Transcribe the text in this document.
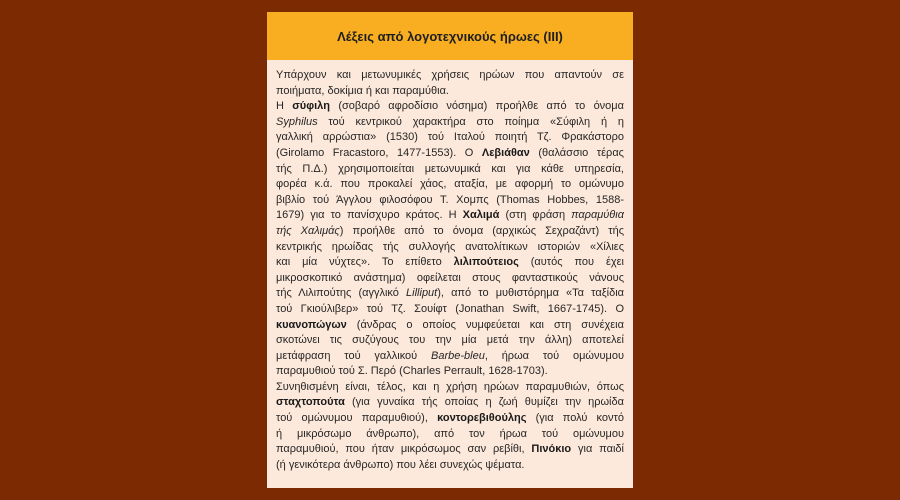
Λέξεις από λογοτεχνικούς ήρωες (ΙΙΙ)
Υπάρχουν και μετωνυμικές χρήσεις ηρώων που απαντούν σε
ποιήματα, δοκίμια ή και παραμύθια.
Η σύφιλη (σοβαρό αφροδίσιο νόσημα) προήλθε από το όνομα
Syphilus τού κεντρικού χαρακτήρα στο ποίημα «Σύφιλη ή η
γαλλική αρρώστια» (1530) τού Ιταλού ποιητή Τζ. Φρακάστορο
(Girolamo Fracastoro, 1477-1553). Ο Λεβιάθαν (θαλάσσιο τέρας
τής Π.Δ.) χρησιμοποιείται μετωνυμικά και για κάθε υπηρεσία,
φορέα κ.ά. που προκαλεί χάος, αταξία, με αφορμή το ομώνυμο
βιβλίο τού Άγγλου φιλοσόφου Τ. Χομπς (Thomas Hobbes, 1588-
1679) για το πανίσχυρο κράτος. Η Χαλιμά (στη φράση παραμύθια
τής Χαλιμάς) προήλθε από το όνομα (αρχικώς Σεχραζάντ) τής
κεντρικής ηρωίδας τής συλλογής ανατολίτικων ιστοριών «Χίλιες
και μία νύχτες». Το επίθετο λιλιπούτειος (αυτός που έχει
μικροσκοπικό ανάστημα) οφείλεται στους φανταστικούς νάνους
τής Λιλιπούτης (αγγλικό Lilliput), από το μυθιστόρημα «Τα ταξίδια
τού Γκιούλιβερ» τού Τζ. Σουίφτ (Jonathan Swift, 1667-1745). Ο
κυανοπώγων (άνδρας ο οποίος νυμφεύεται και στη συνέχεια
σκοτώνει τις συζύγους του την μία μετά την άλλη) αποτελεί
μετάφραση τού γαλλικού Barbe-bleu, ήρωα τού ομώνυμου
παραμυθιού τού Σ. Περό (Charles Perrault, 1628-1703).
Συνηθισμένη είναι, τέλος, και η χρήση ηρώων παραμυθιών, όπως
σταχτοπούτα (για γυναίκα τής οποίας η ζωή θυμίζει την ηρωίδα
τού ομώνυμου παραμυθιού), κοντορεβιθούλης (για πολύ κοντό
ή μικρόσωμο άνθρωπο), από τον ήρωα τού ομώνυμου
παραμυθιού, που ήταν μικρόσωμος σαν ρεβίθι, Πινόκιο για παιδί
(ή γενικότερα άνθρωπο) που λέει συνεχώς ψέματα.
